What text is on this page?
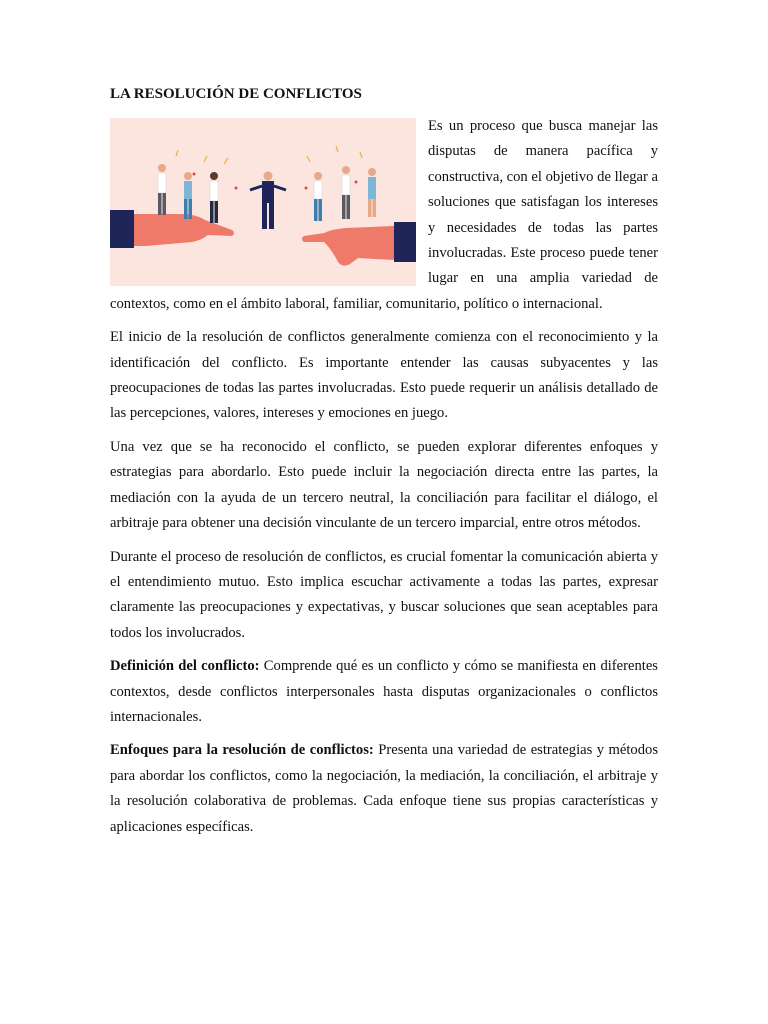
LA RESOLUCIÓN DE CONFLICTOS

Es un proceso que busca manejar las disputas de manera pacífica y constructiva, con el objetivo de llegar a soluciones que satisfagan los intereses y necesidades de todas las partes involucradas. Este proceso puede tener lugar en una amplia variedad de contextos, como en el ámbito laboral, familiar, comunitario, político o internacional.

El inicio de la resolución de conflictos generalmente comienza con el reconocimiento y la identificación del conflicto. Es importante entender las causas subyacentes y las preocupaciones de todas las partes involucradas. Esto puede requerir un análisis detallado de las percepciones, valores, intereses y emociones en juego.

Una vez que se ha reconocido el conflicto, se pueden explorar diferentes enfoques y estrategias para abordarlo. Esto puede incluir la negociación directa entre las partes, la mediación con la ayuda de un tercero neutral, la conciliación para facilitar el diálogo, el arbitraje para obtener una decisión vinculante de un tercero imparcial, entre otros métodos.

Durante el proceso de resolución de conflictos, es crucial fomentar la comunicación abierta y el entendimiento mutuo. Esto implica escuchar activamente a todas las partes, expresar claramente las preocupaciones y expectativas, y buscar soluciones que sean aceptables para todos los involucrados.

Definición del conflicto: Comprende qué es un conflicto y cómo se manifiesta en diferentes contextos, desde conflictos interpersonales hasta disputas organizacionales o conflictos internacionales.

Enfoques para la resolución de conflictos: Presenta una variedad de estrategias y métodos para abordar los conflictos, como la negociación, la mediación, la conciliación, el arbitraje y la resolución colaborativa de problemas. Cada enfoque tiene sus propias características y aplicaciones específicas.
